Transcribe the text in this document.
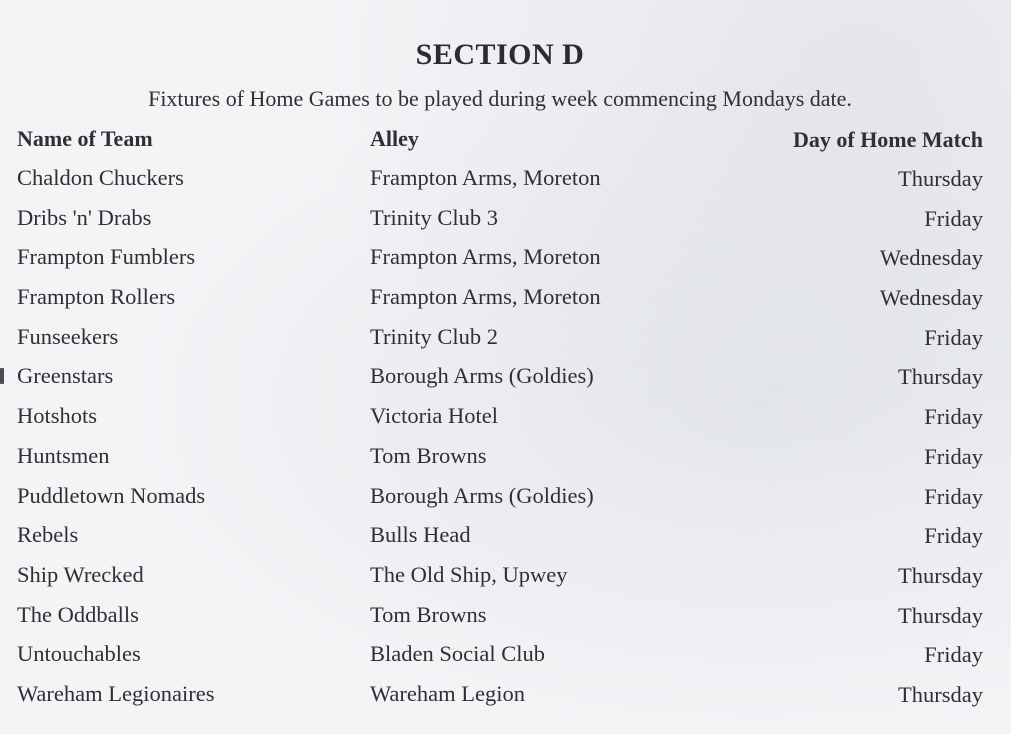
SECTION D
Fixtures of Home Games to be played during week commencing Mondays date.
Name of Team	Alley	Day of Home Match
Chaldon Chuckers	Frampton Arms, Moreton	Thursday
Dribs 'n' Drabs	Trinity Club 3	Friday
Frampton Fumblers	Frampton Arms, Moreton	Wednesday
Frampton Rollers	Frampton Arms, Moreton	Wednesday
Funseekers	Trinity Club 2	Friday
Greenstars	Borough Arms (Goldies)	Thursday
Hotshots	Victoria Hotel	Friday
Huntsmen	Tom Browns	Friday
Puddletown Nomads	Borough Arms (Goldies)	Friday
Rebels	Bulls Head	Friday
Ship Wrecked	The Old Ship, Upwey	Thursday
The Oddballs	Tom Browns	Thursday
Untouchables	Bladen Social Club	Friday
Wareham Legionaires	Wareham Legion	Thursday
